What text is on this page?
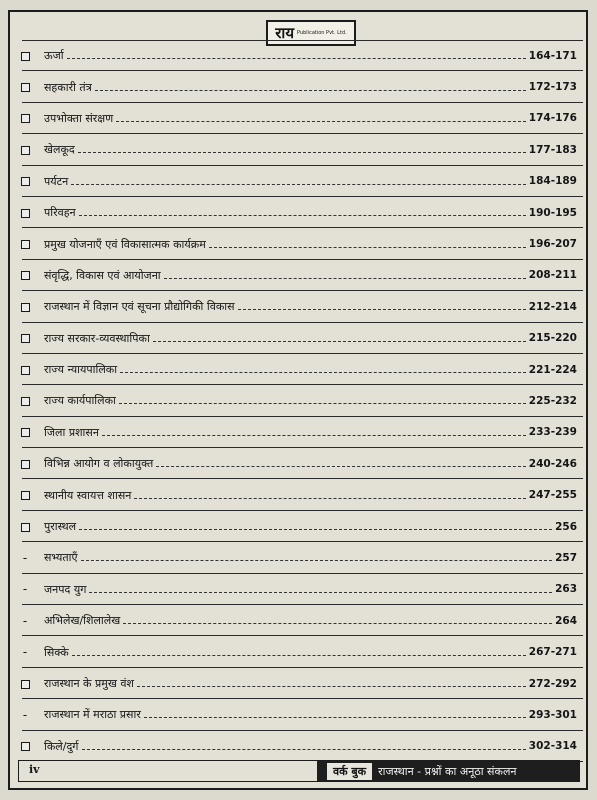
राय Publication Pvt. Ltd.
ऊर्जा	164-171
सहकारी तंत्र	172-173
उपभोक्ता संरक्षण	174-176
खेलकूद	177-183
पर्यटन	184-189
परिवहन	190-195
प्रमुख योजनाएँ एवं विकासात्मक कार्यक्रम	196-207
संवृद्धि, विकास एवं आयोजना	208-211
राजस्थान में विज्ञान एवं सूचना प्रौद्योगिकी विकास	212-214
राज्य सरकार-व्यवस्थापिका	215-220
राज्य न्यायपालिका	221-224
राज्य कार्यपालिका	225-232
जिला प्रशासन	233-239
विभिन्न आयोग व लोकायुक्त	240-246
स्थानीय स्वायत्त शासन	247-255
पुरास्थल	256
- सभ्यताएँ	257
- जनपद युग	263
- अभिलेख/शिलालेख	264
- सिक्के	267-271
राजस्थान के प्रमुख वंश	272-292
- राजस्थान में मराठा प्रसार	293-301
किले/दुर्ग	302-314
iv	वर्क बुक	राजस्थान - प्रश्नों का अनूठा संकलन
